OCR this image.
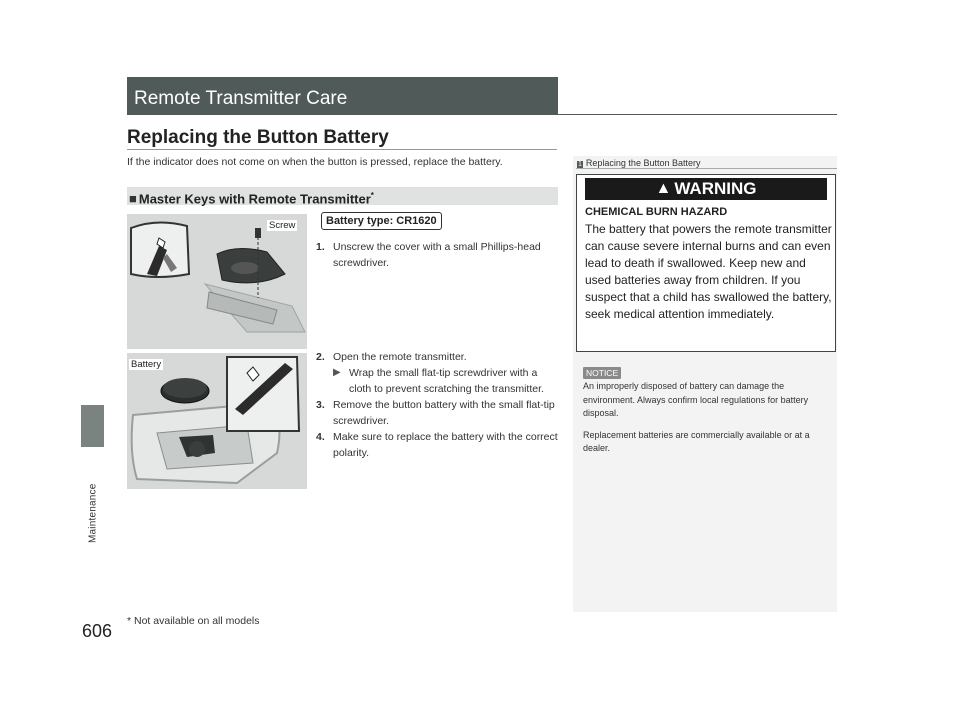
Maintenance
606
Remote Transmitter Care
Replacing the Button Battery
If the indicator does not come on when the button is pressed, replace the battery.
■ Master Keys with Remote Transmitter*
Screw
Battery
Battery type: CR1620
1. Unscrew the cover with a small Phillips-head screwdriver.
2. Open the remote transmitter.
▶ Wrap the small flat-tip screwdriver with a cloth to prevent scratching the transmitter.
3. Remove the button battery with the small flat-tip screwdriver.
4. Make sure to replace the battery with the correct polarity.
1 Replacing the Button Battery
▲ WARNING
CHEMICAL BURN HAZARD
The battery that powers the remote transmitter can cause severe internal burns and can even lead to death if swallowed. Keep new and used batteries away from children. If you suspect that a child has swallowed the battery, seek medical attention immediately.
NOTICE

An improperly disposed of battery can damage the environment. Always confirm local regulations for battery disposal.

Replacement batteries are commercially available or at a dealer.

* Not available on all models
